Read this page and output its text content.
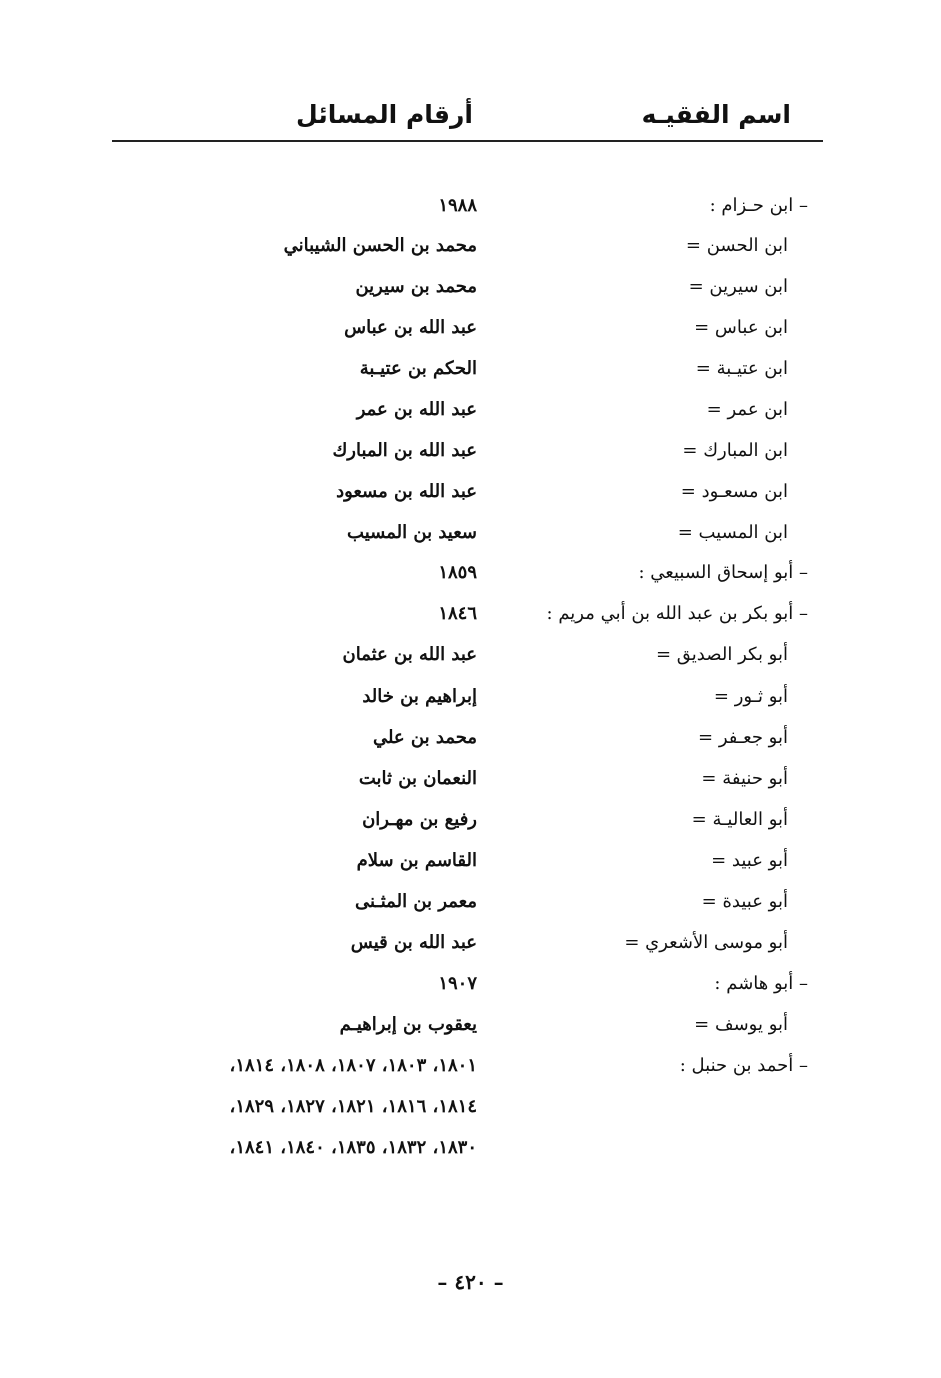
اسم الفقيـه
أرقام المسائل
– ابن حـزام :
١٩٨٨
ابن الحسن =
محمد بن الحسن الشيباني
ابن سيرين =
محمد بن سيرين
ابن عباس =
عبد الله بن عباس
ابن عتيـبة =
الحكم بن عتيـبة
ابن عمر =
عبد الله بن عمر
ابن المبارك =
عبد الله بن المبارك
ابن مسعـود =
عبد الله بن مسعود
ابن المسيب =
سعيد بن المسيب
– أبو إسحاق السبيعي :
١٨٥٩
– أبو بكر بن عبد الله بن أبي مريم :
١٨٤٦
أبو بكر الصديق =
عبد الله بن عثمان
أبو ثـور =
إبراهيم بن خالد
أبو جعـفر =
محمد بن علي
أبو حنيفة =
النعمان بن ثابت
أبو العاليـة =
رفيع بن مهـران
أبو عبيد =
القاسم بن سلام
أبو عبيدة =
معمر بن المثـنى
أبو موسى الأشعري =
عبد الله بن قيس
– أبو هاشم :
١٩٠٧
أبو يوسف =
يعقوب بن إبراهيـم
– أحمد بن حنبل :
١٨٠١، ١٨٠٣، ١٨٠٧، ١٨٠٨، ١٨١٤،
١٨١٤، ١٨١٦، ١٨٢١، ١٨٢٧، ١٨٢٩،
١٨٣٠، ١٨٣٢، ١٨٣٥، ١٨٤٠، ١٨٤١،
– ٤٢٠ –
